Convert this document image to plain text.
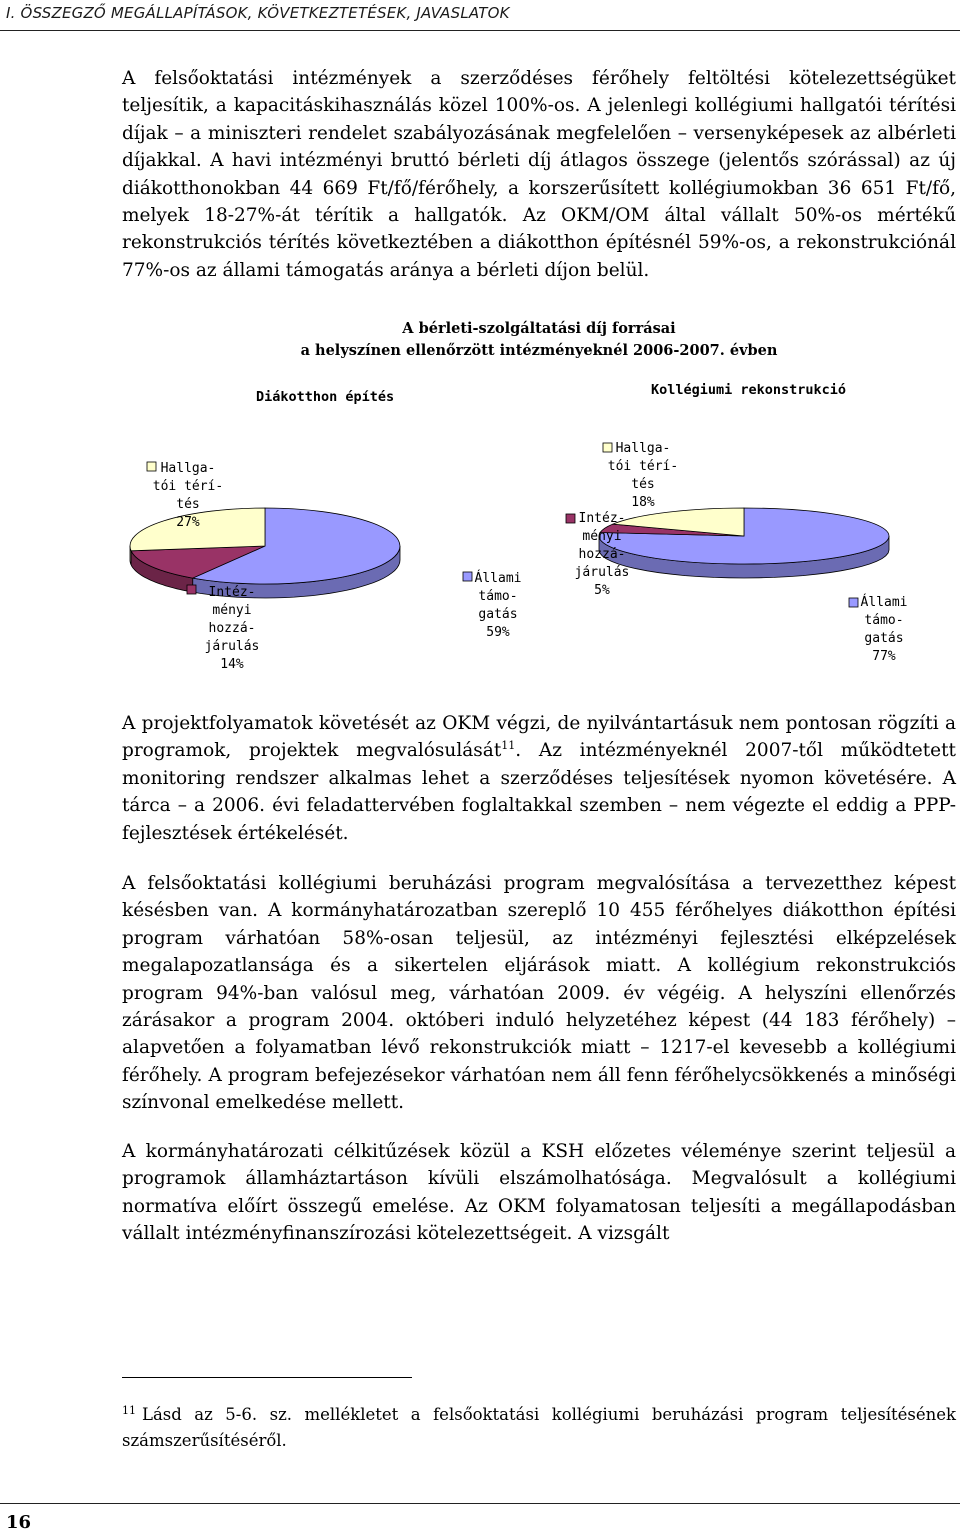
I. ÖSSZEGZŐ MEGÁLLAPÍTÁSOK, KÖVETKEZTETÉSEK, JAVASLATOK

A felsőoktatási intézmények a szerződéses férőhely feltöltési kötelezettségüket teljesítik, a kapacitáskihasználás közel 100%-os. A jelenlegi kollégiumi hallgatói térítési díjak – a miniszteri rendelet szabályozásának megfelelően – versenyképesek az albérleti díjakkal. A havi intézményi bruttó bérleti díj átlagos összege (jelentős szórással) az új diákotthonokban 44 669 Ft/fő/férőhely, a korszerűsített kollégiumokban 36 651 Ft/fő, melyek 18-27%-át térítik a hallgatók. Az OKM/OM által vállalt 50%-os mértékű rekonstrukciós térítés következtében a diákotthon építésnél 59%-os, a rekonstrukciónál 77%-os az állami támogatás aránya a bérleti díjon belül.

A bérleti-szolgáltatási díj forrásai
a helyszínen ellenőrzött intézményeknél 2006-2007. évben
Diákotthon építés	Kollégiumi rekonstrukció
Állami támo-gatás 59%
Intéz-ményi hozzá-járulás 14%
Hallga-tói térí-tés 27%
Állami támo-gatás 77%
Intéz-ményi hozzá-járulás 5%
Hallga-tói térí-tés 18%

A projektfolyamatok követését az OKM végzi, de nyilvántartásuk nem pontosan rögzíti a programok, projektek megvalósulását$^{11}$. Az intézményeknél 2007-től működtetett monitoring rendszer alkalmas lehet a szerződéses teljesítések nyomon követésére. A tárca – a 2006. évi feladattervében foglaltakkal szemben – nem végezte el eddig a PPP-fejlesztések értékelését.

A felsőoktatási kollégiumi beruházási program megvalósítása a tervezetthez képest késésben van. A kormányhatározatban szereplő 10 455 férőhelyes diákotthon építési program várhatóan 58%-osan teljesül, az intézményi fejlesztési elképzelések megalapozatlansága és a sikertelen eljárások miatt. A kollégium rekonstrukciós program 94%-ban valósul meg, várhatóan 2009. év végéig. A helyszíni ellenőrzés zárásakor a program 2004. októberi induló helyzetéhez képest (44 183 férőhely) – alapvetően a folyamatban lévő rekonstrukciók miatt – 1217-el kevesebb a kollégiumi férőhely. A program befejezésekor várhatóan nem áll fenn férőhelycsökkenés a minőségi színvonal emelkedése mellett.

A kormányhatározati célkitűzések közül a KSH előzetes véleménye szerint teljesül a programok államháztartáson kívüli elszámolhatósága. Megvalósult a kollégiumi normatíva előírt összegű emelése. Az OKM folyamatosan teljesíti a megállapodásban vállalt intézményfinanszírozási kötelezettségeit. A vizsgált

$^{11}$ Lásd az 5-6. sz. mellékletet a felsőoktatási kollégiumi beruházási program teljesítésének számszerűsítéséről.

16
